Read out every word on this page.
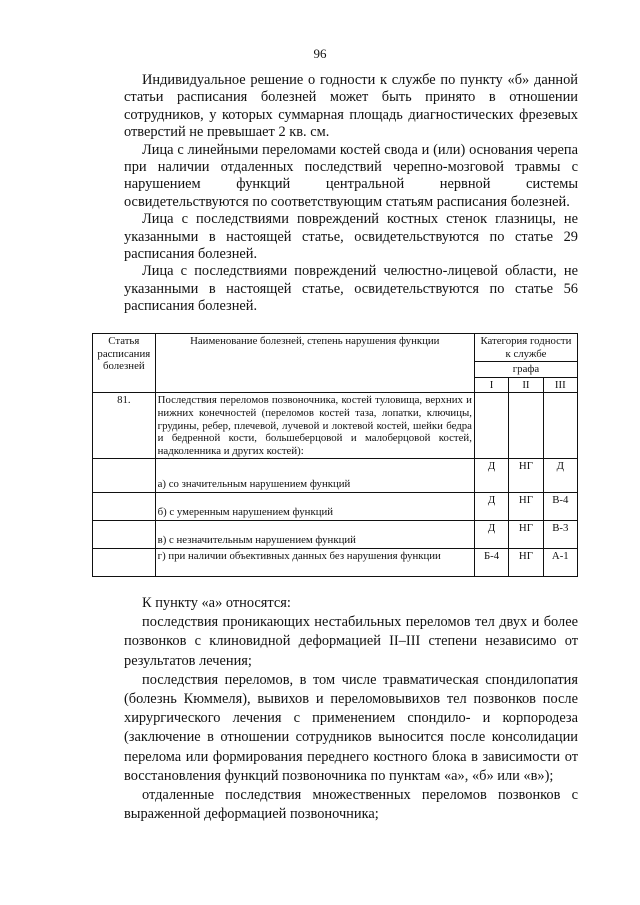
96

Индивидуальное решение о годности к службе по пункту «б» данной статьи расписания болезней может быть принято в отношении сотрудников, у которых суммарная площадь диагностических фрезевых отверстий не превышает 2 кв. см.

Лица с линейными переломами костей свода и (или) основания черепа при наличии отдаленных последствий черепно-мозговой травмы с нарушением функций центральной нервной системы освидетельствуются по соответствующим статьям расписания болезней.

Лица с последствиями повреждений костных стенок глазницы, не указанными в настоящей статье, освидетельствуются по статье 29 расписания болезней.

Лица с последствиями повреждений челюстно-лицевой области, не указанными в настоящей статье, освидетельствуются по статье 56 расписания болезней.

Статья расписания болезней	Наименование болезней, степень нарушения функции	Категория годности к службе		
		графа		
		I	II	III
81.	Последствия переломов позвоночника, костей туловища, верхних и нижних конечностей (переломов костей таза, лопатки, ключицы, грудины, ребер, плечевой, лучевой и локтевой костей, шейки бедра и бедренной кости, большеберцовой и малоберцовой костей, надколенника и других костей):			
	а) со значительным нарушением функций	Д	НГ	Д
	б) с умеренным нарушением функций	Д	НГ	В-4
	в) с незначительным нарушением функций	Д	НГ	В-3
	г) при наличии объективных данных без нарушения функции	Б-4	НГ	А-1

К пункту «а» относятся:

последствия проникающих нестабильных переломов тел двух и более позвонков с клиновидной деформацией II–III степени независимо от результатов лечения;

последствия переломов, в том числе травматическая спондилопатия (болезнь Кюммеля), вывихов и переломовывихов тел позвонков после хирургического лечения с применением спондило- и корпородеза (заключение в отношении сотрудников выносится после консолидации перелома или формирования переднего костного блока в зависимости от восстановления функций позвоночника по пунктам «а», «б» или «в»);

отдаленные последствия множественных переломов позвонков с выраженной деформацией позвоночника;
